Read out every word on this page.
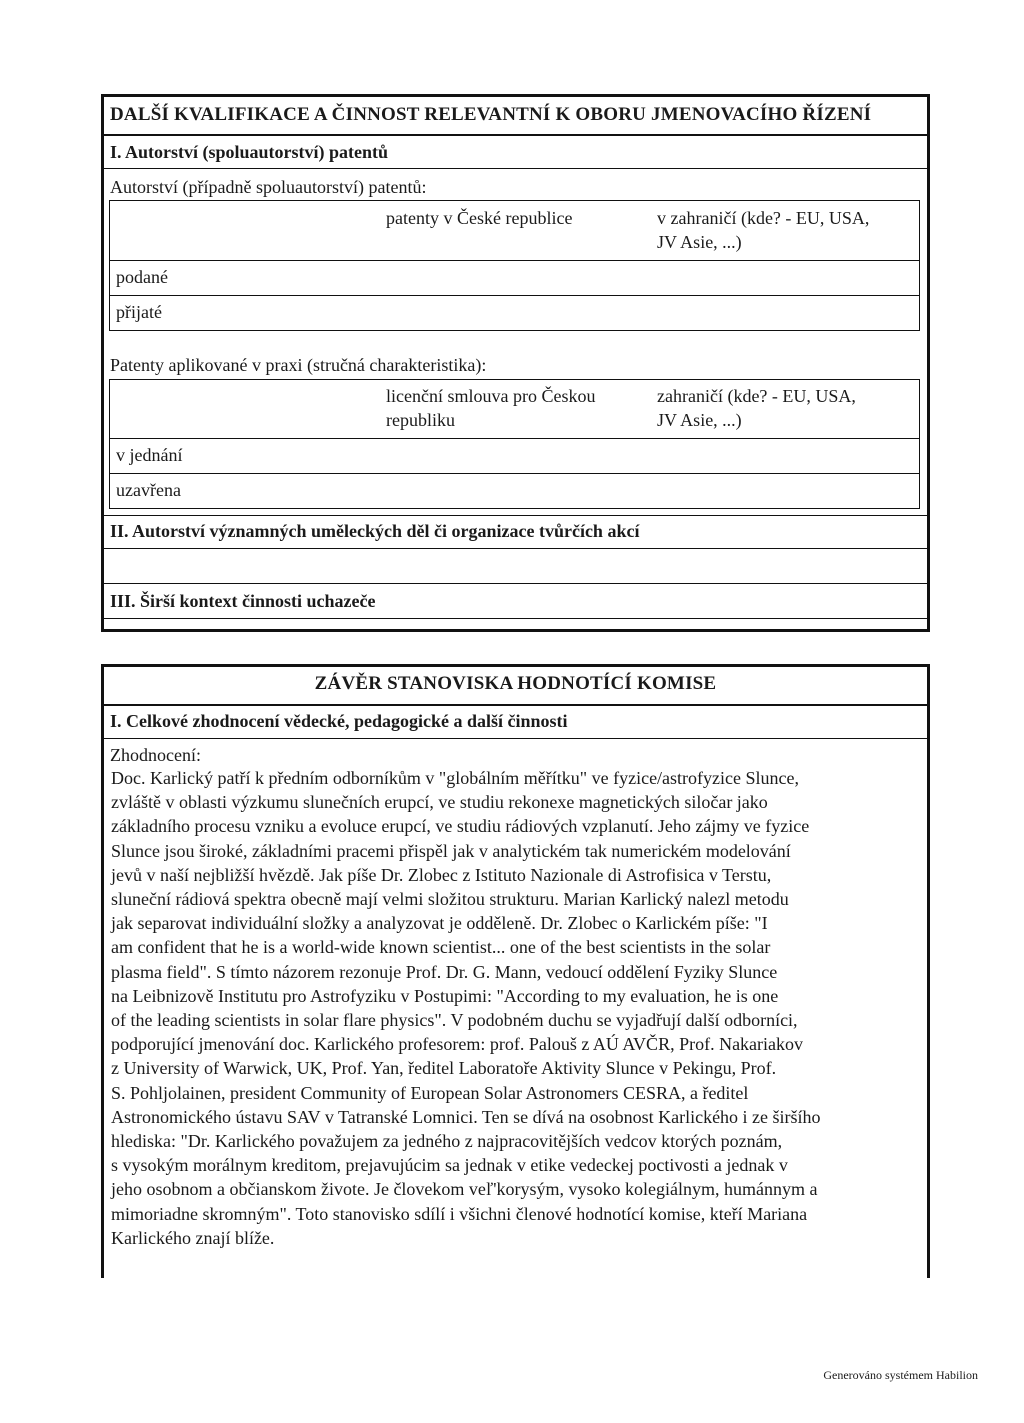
DALŠÍ KVALIFIKACE A ČINNOST RELEVANTNÍ K OBORU JMENOVACÍHO ŘÍZENÍ
I. Autorství (spoluautorství) patentů
Autorství (případně spoluautorství) patentů:
patenty v České republice	v zahraničí (kde? - EU, USA,
JV Asie, ...)
podané
přijaté
Patenty aplikované v praxi (stručná charakteristika):
licenční smlouva pro Českou
republiku
zahraničí (kde? - EU, USA,
JV Asie, ...)
v jednání
uzavřena
II. Autorství významných uměleckých děl či organizace tvůrčích akcí
III. Širší kontext činnosti uchazeče
ZÁVĚR STANOVISKA HODNOTÍCÍ KOMISE
I. Celkové zhodnocení vědecké, pedagogické a další činnosti
Zhodnocení:
Doc. Karlický patří k předním odborníkům v "globálním měřítku" ve fyzice/astrofyzice Slunce,
zvláště v oblasti výzkumu slunečních erupcí, ve studiu rekonexe magnetických siločar jako
základního procesu vzniku a evoluce erupcí, ve studiu rádiových vzplanutí. Jeho zájmy ve fyzice
Slunce jsou široké, základními pracemi přispěl jak v analytickém tak numerickém modelování
jevů v naší nejbližší hvězdě. Jak píše Dr. Zlobec z Istituto Nazionale di Astrofisica v Terstu,
sluneční rádiová spektra obecně mají velmi složitou strukturu. Marian Karlický nalezl metodu
jak separovat individuální složky a analyzovat je odděleně. Dr. Zlobec o Karlickém píše: "I
am confident that he is a world-wide known scientist... one of the best scientists in the solar
plasma field". S tímto názorem rezonuje Prof. Dr. G. Mann, vedoucí oddělení Fyziky Slunce
na Leibnizově Institutu pro Astrofyziku v Postupimi: "According to my evaluation, he is one
of the leading scientists in solar flare physics". V podobném duchu se vyjadřují další odborníci,
podporující jmenování doc. Karlického profesorem: prof. Palouš z AÚ AVČR, Prof. Nakariakov
z University of Warwick, UK, Prof. Yan, ředitel Laboratoře Aktivity Slunce v Pekingu, Prof.
S. Pohljolainen, president Community of European Solar Astronomers CESRA, a ředitel
Astronomického ústavu SAV v Tatranské Lomnici. Ten se dívá na osobnost Karlického i ze širšího
hlediska: "Dr. Karlického považujem za jedného z najpracovitějších vedcov ktorých poznám,
s vysokým morálnym kreditom, prejavujúcim sa jednak v etike vedeckej poctivosti a jednak v
jeho osobnom a občianskom živote. Je človekom veľ'korysým, vysoko kolegiálnym, humánnym a
mimoriadne skromným". Toto stanovisko sdílí i všichni členové hodnotící komise, kteří Mariana
Karlického znají blíže.
Generováno systémem Habilion
